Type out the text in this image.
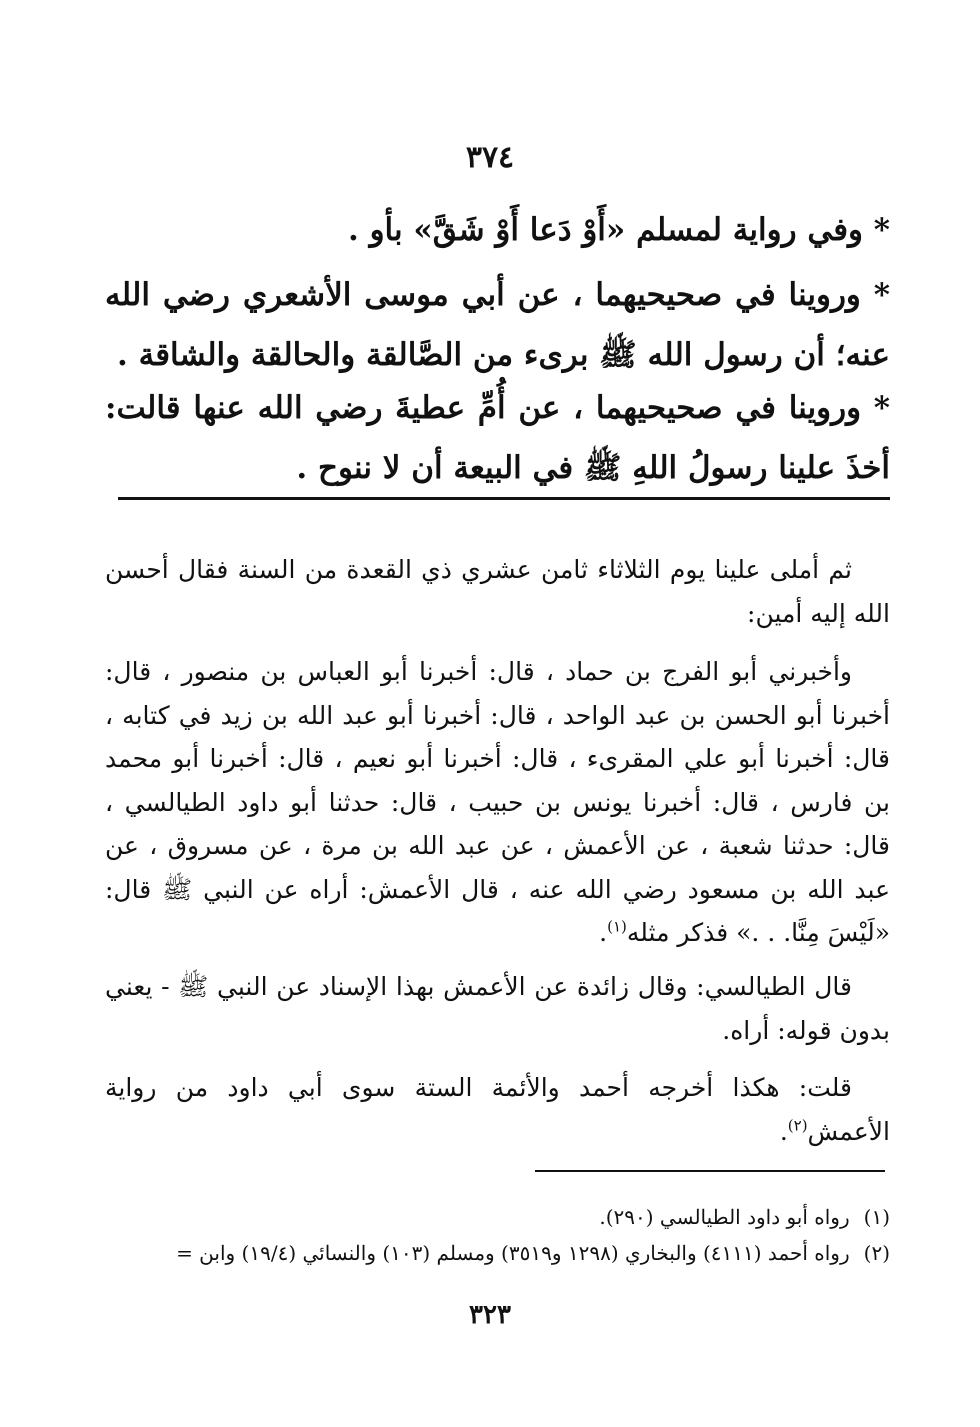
٣٧٤
* وفي رواية لمسلم «أَوْ دَعا أَوْ شَقَّ» بأو .
* وروينا في صحيحيهما ، عن أبي موسى الأشعري رضي الله عنه؛ أن رسول الله ﷺ برىء من الصَّالقة والحالقة والشاقة .
* وروينا في صحيحيهما ، عن أُمِّ عطيةَ رضي الله عنها قالت: أخذَ علينا رسولُ اللهِ ﷺ في البيعة أن لا ننوح .
ثم أملى علينا يوم الثلاثاء ثامن عشري ذي القعدة من السنة فقال أحسن الله إليه أمين:
وأخبرني أبو الفرج بن حماد ، قال: أخبرنا أبو العباس بن منصور ، قال: أخبرنا أبو الحسن بن عبد الواحد ، قال: أخبرنا أبو عبد الله بن زيد في كتابه ، قال: أخبرنا أبو علي المقرىء ، قال: أخبرنا أبو نعيم ، قال: أخبرنا أبو محمد بن فارس ، قال: أخبرنا يونس بن حبيب ، قال: حدثنا أبو داود الطيالسي ، قال: حدثنا شعبة ، عن الأعمش ، عن عبد الله بن مرة ، عن مسروق ، عن عبد الله بن مسعود رضي الله عنه ، قال الأعمش: أراه عن النبي ﷺ قال: «لَيْسَ مِنَّا. . .» فذكر مثله$^{(١)}$.
قال الطيالسي: وقال زائدة عن الأعمش بهذا الإسناد عن النبي ﷺ - يعني بدون قوله: أراه.
قلت: هكذا أخرجه أحمد والأئمة الستة سوى أبي داود من رواية الأعمش$^{(٢)}$.
(١)رواه أبو داود الطيالسي (٢٩٠).
(٢)رواه أحمد (٤١١١) والبخاري (١٢٩٨ و٣٥١٩) ومسلم (١٠٣) والنسائي (١٩/٤) وابن =
٣٢٣
